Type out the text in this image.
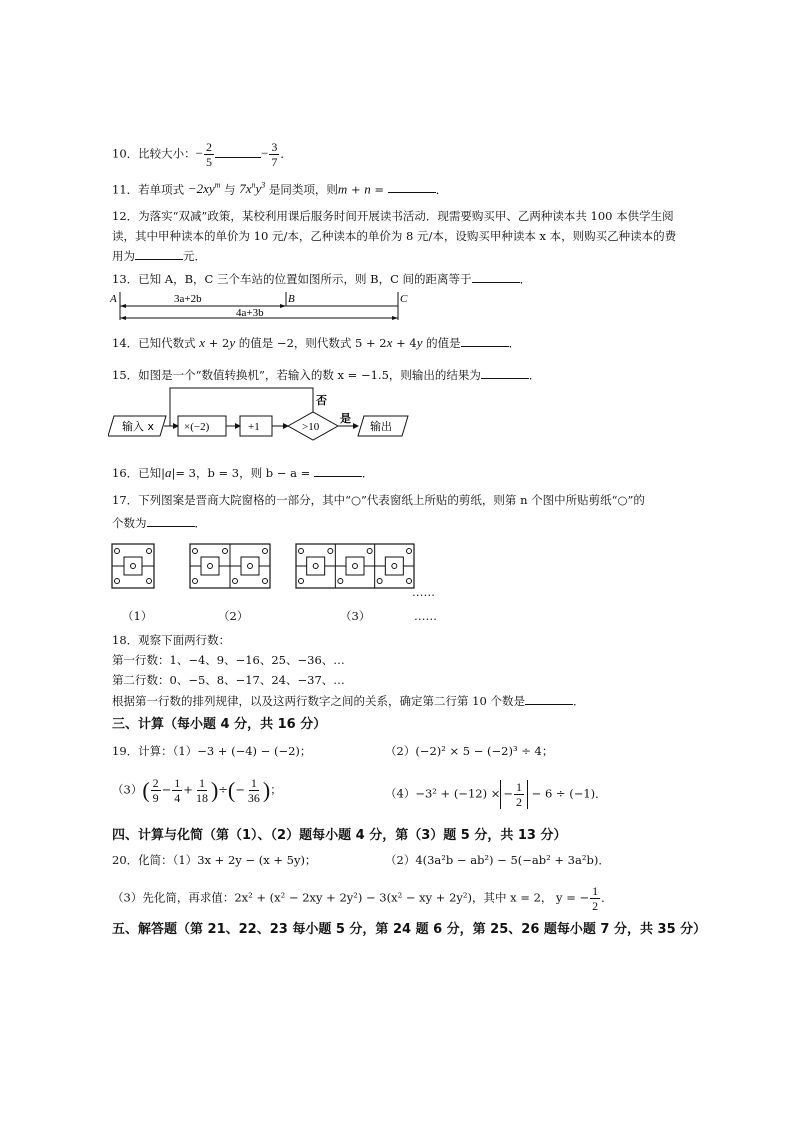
10．比较大小：− $\frac{2}{5}$	− $\frac{3}{7}$ ．
11．若单项式 $-2xy^m$ 与 $7x^ny^3$ 是同类项，则m + n =	．
12．为落实“双减”政策，某校利用课后服务时间开展读书活动．现需要购买甲、乙两种读本共 100 本供学生阅读，其中甲种读本的单价为 10 元/本，乙种读本的单价为 8 元/本，设购买甲种读本 x 本，则购买乙种读本的费用为	元．
13．已知 A，B，C 三个车站的位置如图所示，则 B，C 间的距离等于	．
A	B	C
3a+2b
4a+3b
14．已知代数式 x + 2y 的值是 −2，则代数式 5 + 2x + 4y 的值是	．
15．如图是一个“数值转换机”，若输入的数 x = −1.5，则输出的结果为	．
输入 x	×(−2)	+1	>10
否
是
输出
16．已知|a|= 3，b = 3，则 b − a =	．
17．下列图案是晋商大院窗格的一部分，其中“○”代表窗纸上所贴的剪纸，则第 n 个图中所贴剪纸“○”的
个数为	．
……
（1）	（2）	（3）	……
18．观察下面两行数：
第一行数：1、−4、9、−16、25、−36、…
第二行数：0、−5、8、−17、24、−37、…
根据第一行数的排列规律，以及这两行数字之间的关系，确定第二行第 10 个数是	．
三、计算（每小题 4 分，共 16 分）
19．计算：（1）−3 + (−4) − (−2)；	（2）(−2)² × 5 − (−2)³ ÷ 4；
$(3)( \frac{2}{9} - \frac{1}{4} + \frac{1}{18}$ )÷(− $\frac{1}{36}$ )；	（4）−3² + (−12) × − $\frac{1}{2} - 6 \div (-1)$．
四、计算与化简（第（1）、（2）题每小题 4 分，第（3）题 5 分，共 13 分）
20．化简：（1）3x + 2y − (x + 5y)；	（2）4(3a²b − ab²) − 5(−ab² + 3a²b)．
（3）先化简，再求值：2x² + (x² − 2xy + 2y²) − 3(x² − xy + 2y²)，其中 x = 2， y = − $\frac{1}{2}$ ．
五、解答题（第 21、22、23 每小题 5 分，第 24 题 6 分，第 25、26 题每小题 7 分，共 35 分）
